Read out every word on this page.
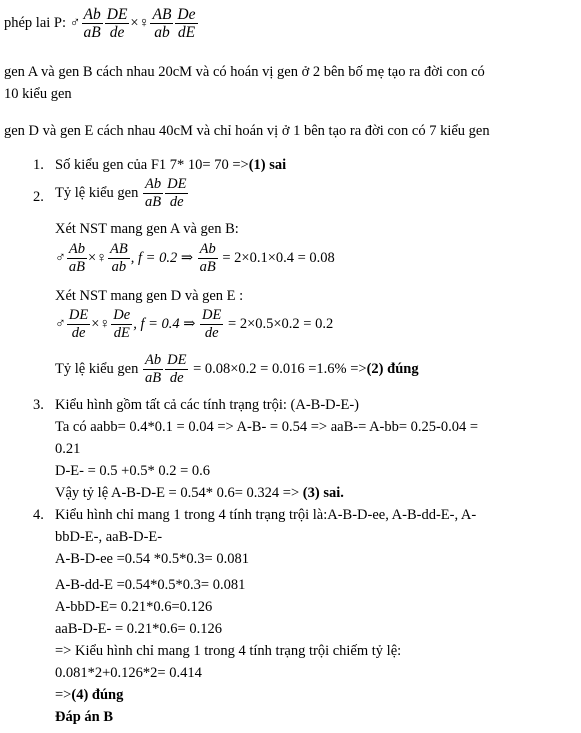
phép lai P: ♂ $\frac{Ab}{aB} \frac{DE}{de}$ ×♀ $\frac{AB}{ab} \frac{De}{dE}$
gen A và gen B cách nhau 20cM và có hoán vị gen ở 2 bên bố mẹ tạo ra đời con có
10 kiểu gen
gen D và gen E cách nhau 40cM và chỉ hoán vị ở 1 bên tạo ra đời con có 7 kiểu gen
1. Số kiểu gen của F1 7* 10= 70 =>(1) sai
2. Tỷ lệ kiểu gen $\frac{Ab}{aB} \frac{DE}{de}$
Xét NST mang gen A và gen B:
♂ $\frac{Ab}{aB}$ ×♀ $\frac{AB}{ab}$ , f = 0.2 ⇒ $\frac{Ab}{aB} = 2\times 0.1\times 0.4 = 0.08$
Xét NST mang gen D và gen E :
♂ $\frac{DE}{de}$ ×♀ $\frac{De}{dE}$ , f = 0.4 ⇒ $\frac{DE}{de} = 2\times 0.5\times 0.2 = 0.2$
Tỷ lệ kiểu gen $\frac{Ab}{aB} \frac{DE}{de} = 0.08\times 0.2 = 0.016 =1.6\% =>(2)$ đúng
3. Kiểu hình gồm tất cả các tính trạng trội: (A-B-D-E-)
Ta có aabb= 0.4*0.1 = 0.04 => A-B- = 0.54 => aaB-= A-bb= 0.25-0.04 =
0.21
D-E- = 0.5 +0.5* 0.2 = 0.6
Vậy tỷ lệ A-B-D-E = 0.54* 0.6= 0.324 => (3) sai.
4. Kiểu hình chỉ mang 1 trong 4 tính trạng trội là:A-B-D-ee, A-B-dd-E-, A-
bbD-E-, aaB-D-E-
A-B-D-ee =0.54 *0.5*0.3= 0.081
A-B-dd-E =0.54*0.5*0.3= 0.081
A-bbD-E= 0.21*0.6=0.126
aaB-D-E- = 0.21*0.6= 0.126
=> Kiểu hình chỉ mang 1 trong 4 tính trạng trội chiếm tỷ lệ:
0.081*2+0.126*2= 0.414
=>(4) đúng
Đáp án B
